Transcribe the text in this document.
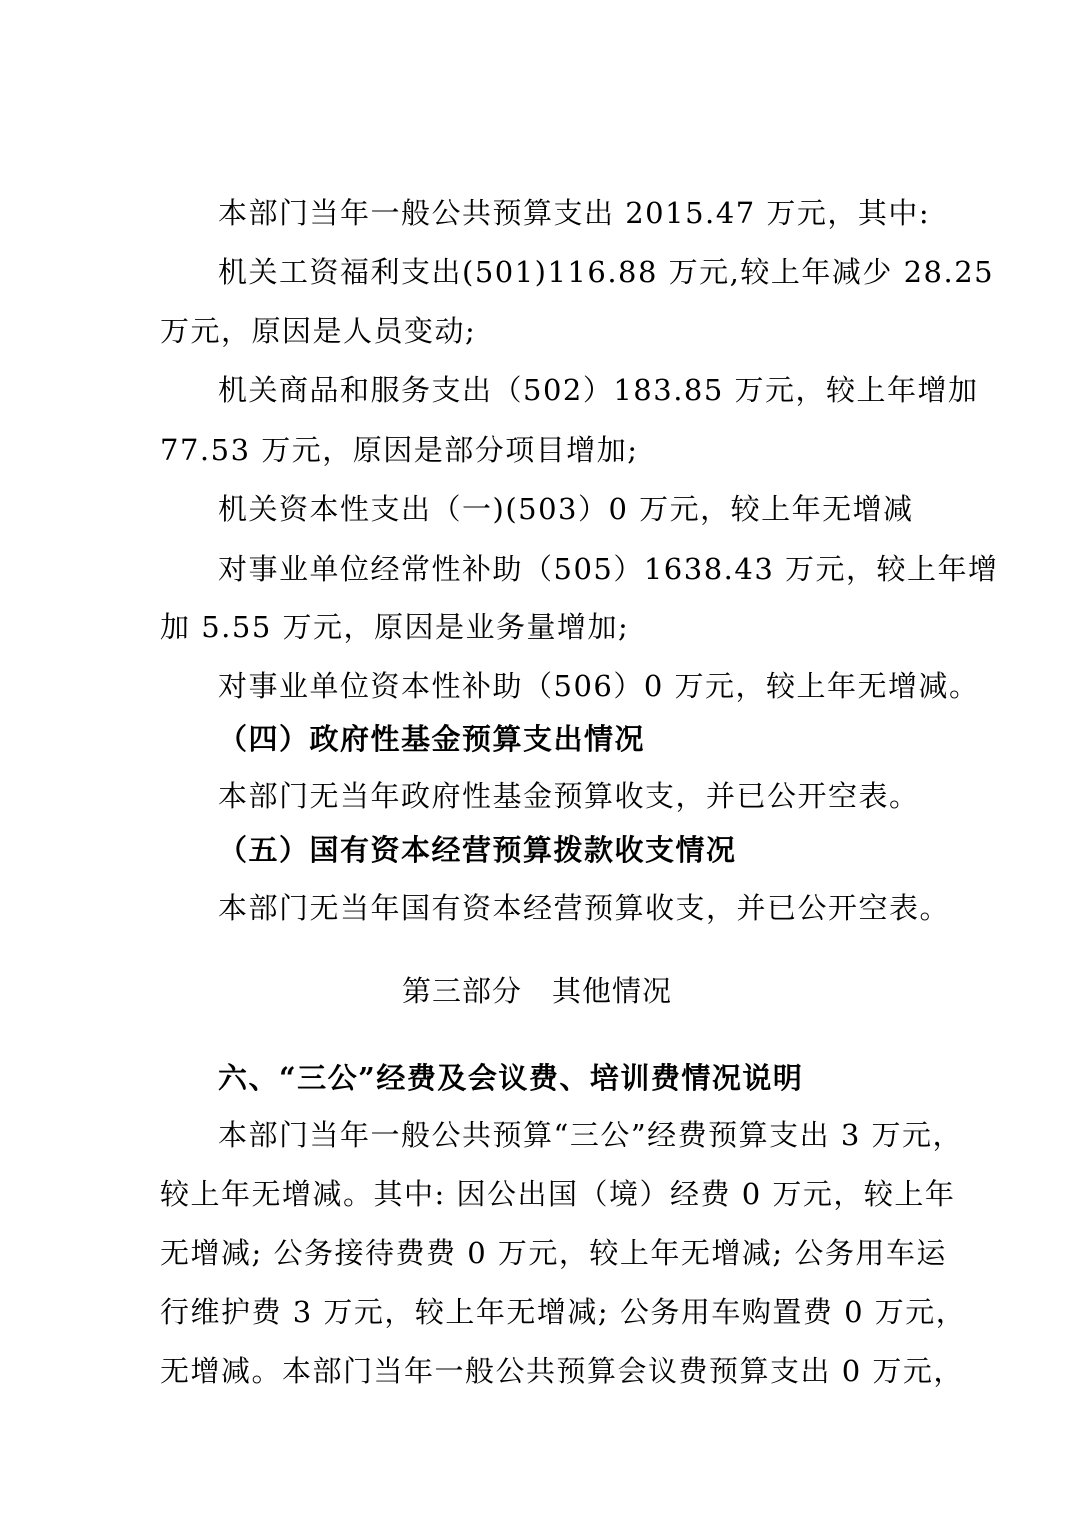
本部门当年一般公共预算支出 2015.47 万元，其中:
机关工资福利支出(501)116.88 万元,较上年减少 28.25
万元，原因是人员变动;
机关商品和服务支出（502）183.85 万元，较上年增加
77.53 万元，原因是部分项目增加;
机关资本性支出（一)(503）0 万元，较上年无增减
对事业单位经常性补助（505）1638.43 万元，较上年增
加 5.55 万元，原因是业务量增加;
对事业单位资本性补助（506）0 万元，较上年无增减。
（四）政府性基金预算支出情况
本部门无当年政府性基金预算收支，并已公开空表。
（五）国有资本经营预算拨款收支情况
本部门无当年国有资本经营预算收支，并已公开空表。
第三部分　其他情况
六、“三公”经费及会议费、培训费情况说明
本部门当年一般公共预算“三公”经费预算支出 3 万元，
较上年无增减。其中: 因公出国（境）经费 0 万元，较上年
无增减; 公务接待费费 0 万元，较上年无增减; 公务用车运
行维护费 3 万元，较上年无增减; 公务用车购置费 0 万元，
无增减。本部门当年一般公共预算会议费预算支出 0 万元，
